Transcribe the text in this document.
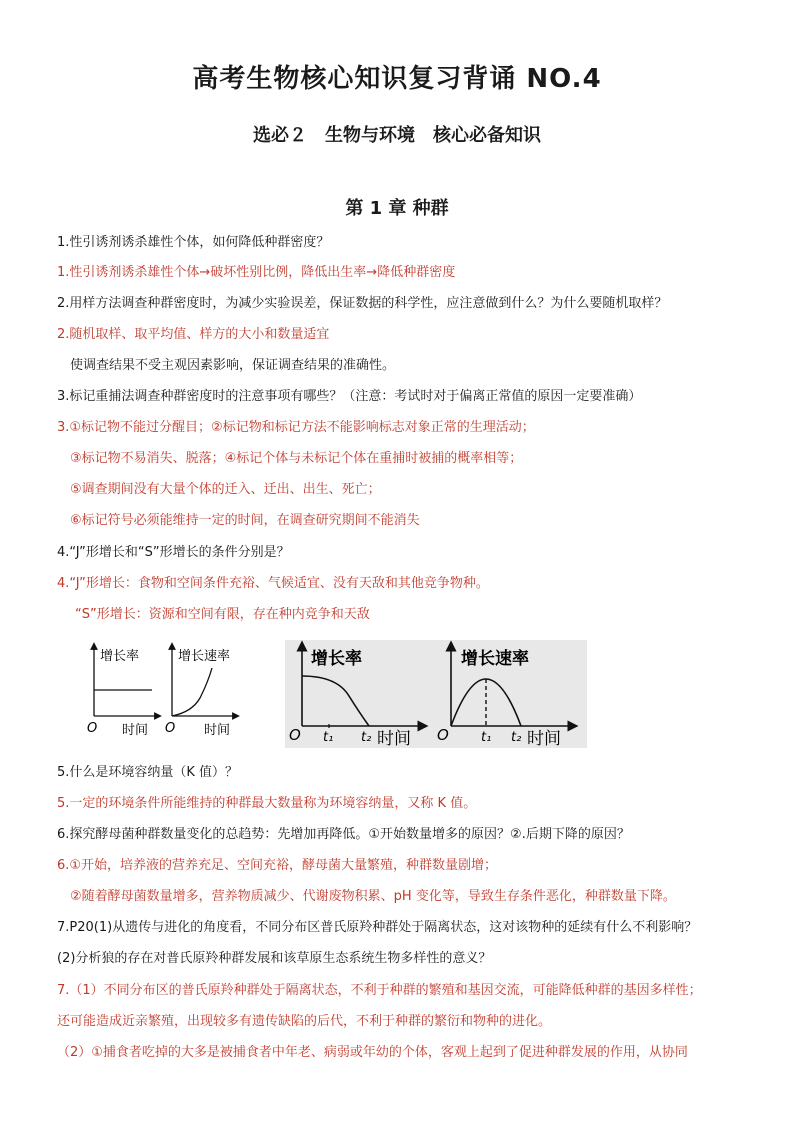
高考生物核心知识复习背诵 NO.4
选必２　生物与环境　核心必备知识
第 1 章 种群
1.性引诱剂诱杀雄性个体，如何降低种群密度？
1.性引诱剂诱杀雄性个体→破坏性别比例，降低出生率→降低种群密度
2.用样方法调查种群密度时，为减少实验误差，保证数据的科学性，应注意做到什么？为什么要随机取样？
2.随机取样、取平均值、样方的大小和数量适宜
使调查结果不受主观因素影响，保证调查结果的准确性。
3.标记重捕法调查种群密度时的注意事项有哪些？（注意：考试时对于偏离正常值的原因一定要准确）
3.①标记物不能过分醒目；②标记物和标记方法不能影响标志对象正常的生理活动；
③标记物不易消失、脱落；④标记个体与未标记个体在重捕时被捕的概率相等；
⑤调查期间没有大量个体的迁入、迁出、出生、死亡；
⑥标记符号必须能维持一定的时间，在调查研究期间不能消失
4.“J”形增长和“S”形增长的条件分别是？
4.“J”形增长：食物和空间条件充裕、气候适宜、没有天敌和其他竞争物种。
“S”形增长：资源和空间有限，存在种内竞争和天敌
增长率
O 时间
增长速率
O 时间
增长率
O t₁ t₂ 时间
增长速率
O t₁ t₂ 时间
5.什么是环境容纳量（K 值）？
5.一定的环境条件所能维持的种群最大数量称为环境容纳量，又称 K 值。
6.探究酵母菌种群数量变化的总趋势：先增加再降低。①开始数量增多的原因？②.后期下降的原因？
6.①开始，培养液的营养充足、空间充裕，酵母菌大量繁殖，种群数量剧增；
②随着酵母菌数量增多，营养物质减少、代谢废物积累、pH 变化等，导致生存条件恶化，种群数量下降。
7.P20(1)从遗传与进化的角度看，不同分布区普氏原羚种群处于隔离状态，这对该物种的延续有什么不利影响？
(2)分析狼的存在对普氏原羚种群发展和该草原生态系统生物多样性的意义？
7.（1）不同分布区的普氏原羚种群处于隔离状态，不利于种群的繁殖和基因交流，可能降低种群的基因多样性；
还可能造成近亲繁殖，出现较多有遗传缺陷的后代，不利于种群的繁衍和物种的进化。
（2）①捕食者吃掉的大多是被捕食者中年老、病弱或年幼的个体，客观上起到了促进种群发展的作用，从协同
